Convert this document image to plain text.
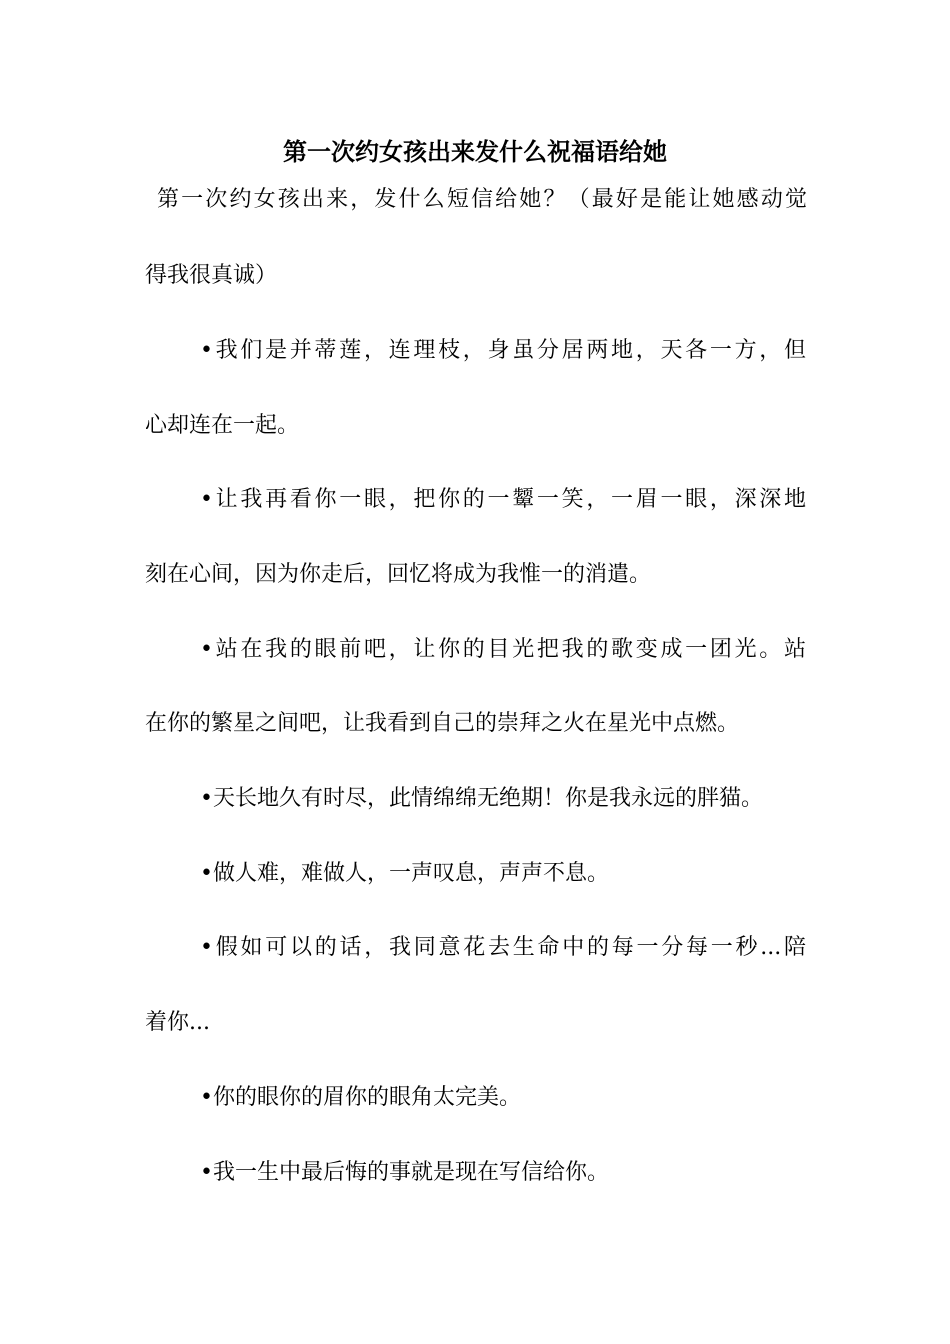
第一次约女孩出来发什么祝福语给她
第一次约女孩出来，发什么短信给她？（最好是能让她感动觉
得我很真诚）
•我们是并蒂莲，连理枝，身虽分居两地，天各一方，但
心却连在一起。
•让我再看你一眼，把你的一颦一笑，一眉一眼，深深地
刻在心间，因为你走后，回忆将成为我惟一的消遣。
•站在我的眼前吧，让你的目光把我的歌变成一团光。站
在你的繁星之间吧，让我看到自己的崇拜之火在星光中点燃。
•天长地久有时尽，此情绵绵无绝期！你是我永远的胖猫。
•做人难，难做人，一声叹息，声声不息。
•假如可以的话，我同意花去生命中的每一分每一秒...陪
着你...
•你的眼你的眉你的眼角太完美。
•我一生中最后悔的事就是现在写信给你。
